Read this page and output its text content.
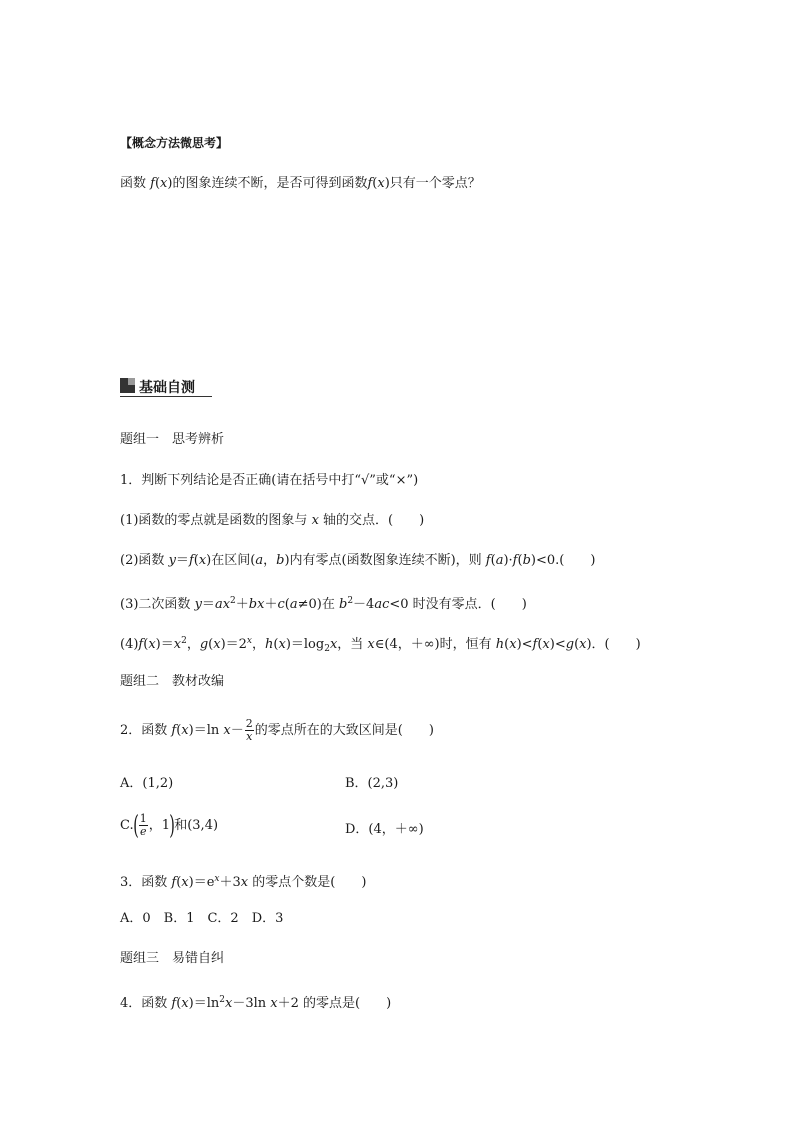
【概念方法微思考】
函数 f(x)的图象连续不断，是否可得到函数f(x)只有一个零点？
基础自测
题组一　思考辨析
1．判断下列结论是否正确(请在括号中打“√”或“×”)
(1)函数的零点就是函数的图象与 x 轴的交点．(　　)
(2)函数 y＝f(x)在区间(a，b)内有零点(函数图象连续不断)，则 f(a)·f(b)<0.(　　)
(3)二次函数 $y=ax^2+bx+c(a\ne 0)$在 $b^2-4ac<0$ 时没有零点．(　　)
$(4)f(x)=x^2$，$g(x)=2^x$，$h(x)=\log_2x$，当 x∈(4，＋∞)时，恒有 h(x)<f(x)<g(x)．(　　)
题组二　教材改编
2．函数 f(x)＝ln $x- \frac{2}{x}$ 的零点所在的大致区间是(　　)
A．(1,2)	B．(2,3)
$C.( \frac{1}{e}$ ，1)和(3,4)	D．(4，＋∞)
3．函数 $f(x)=e^x+3x$ 的零点个数是(　　)
A．0　B．1　C．2　D．3
题组三　易错自纠
4．函数 $f(x)=\ln^2x-3\ln$ x＋2 的零点是(　　)
